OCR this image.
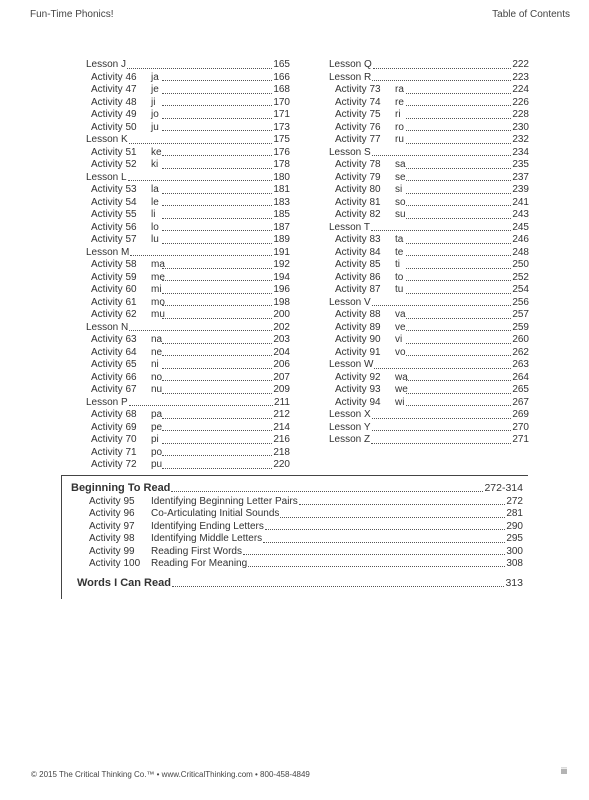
Fun-Time Phonics!	Table of Contents
Lesson J	165
Activity 46	ja	166
Activity 47	je	168
Activity 48	ji	170
Activity 49	jo	171
Activity 50	ju	173
Lesson K	175
Activity 51	ke	176
Activity 52	ki	178
Lesson L	180
Activity 53	la	181
Activity 54	le	183
Activity 55	li	185
Activity 56	lo	187
Activity 57	lu	189
Lesson M	191
Activity 58	ma	192
Activity 59	me	194
Activity 60	mi	196
Activity 61	mo	198
Activity 62	mu	200
Lesson N	202
Activity 63	na	203
Activity 64	ne	204
Activity 65	ni	206
Activity 66	no	207
Activity 67	nu	209
Lesson P	211
Activity 68	pa	212
Activity 69	pe	214
Activity 70	pi	216
Activity 71	po	218
Activity 72	pu	220
Lesson Q	222
Lesson R	223
Activity 73	ra	224
Activity 74	re	226
Activity 75	ri	228
Activity 76	ro	230
Activity 77	ru	232
Lesson S	234
Activity 78	sa	235
Activity 79	se	237
Activity 80	si	239
Activity 81	so	241
Activity 82	su	243
Lesson T	245
Activity 83	ta	246
Activity 84	te	248
Activity 85	ti	250
Activity 86	to	252
Activity 87	tu	254
Lesson V	256
Activity 88	va	257
Activity 89	ve	259
Activity 90	vi	260
Activity 91	vo	262
Lesson W	263
Activity 92	wa	264
Activity 93	we	265
Activity 94	wi	267
Lesson X	269
Lesson Y	270
Lesson Z	271
Beginning To Read	272-314
Activity 95	Identifying Beginning Letter Pairs	272
Activity 96	Co-Articulating Initial Sounds	281
Activity 97	Identifying Ending Letters	290
Activity 98	Identifying Middle Letters	295
Activity 99	Reading First Words	300
Activity 100	Reading For Meaning	308
Words I Can Read	313
© 2015 The Critical Thinking Co.™ • www.CriticalThinking.com • 800-458-4849	iii
